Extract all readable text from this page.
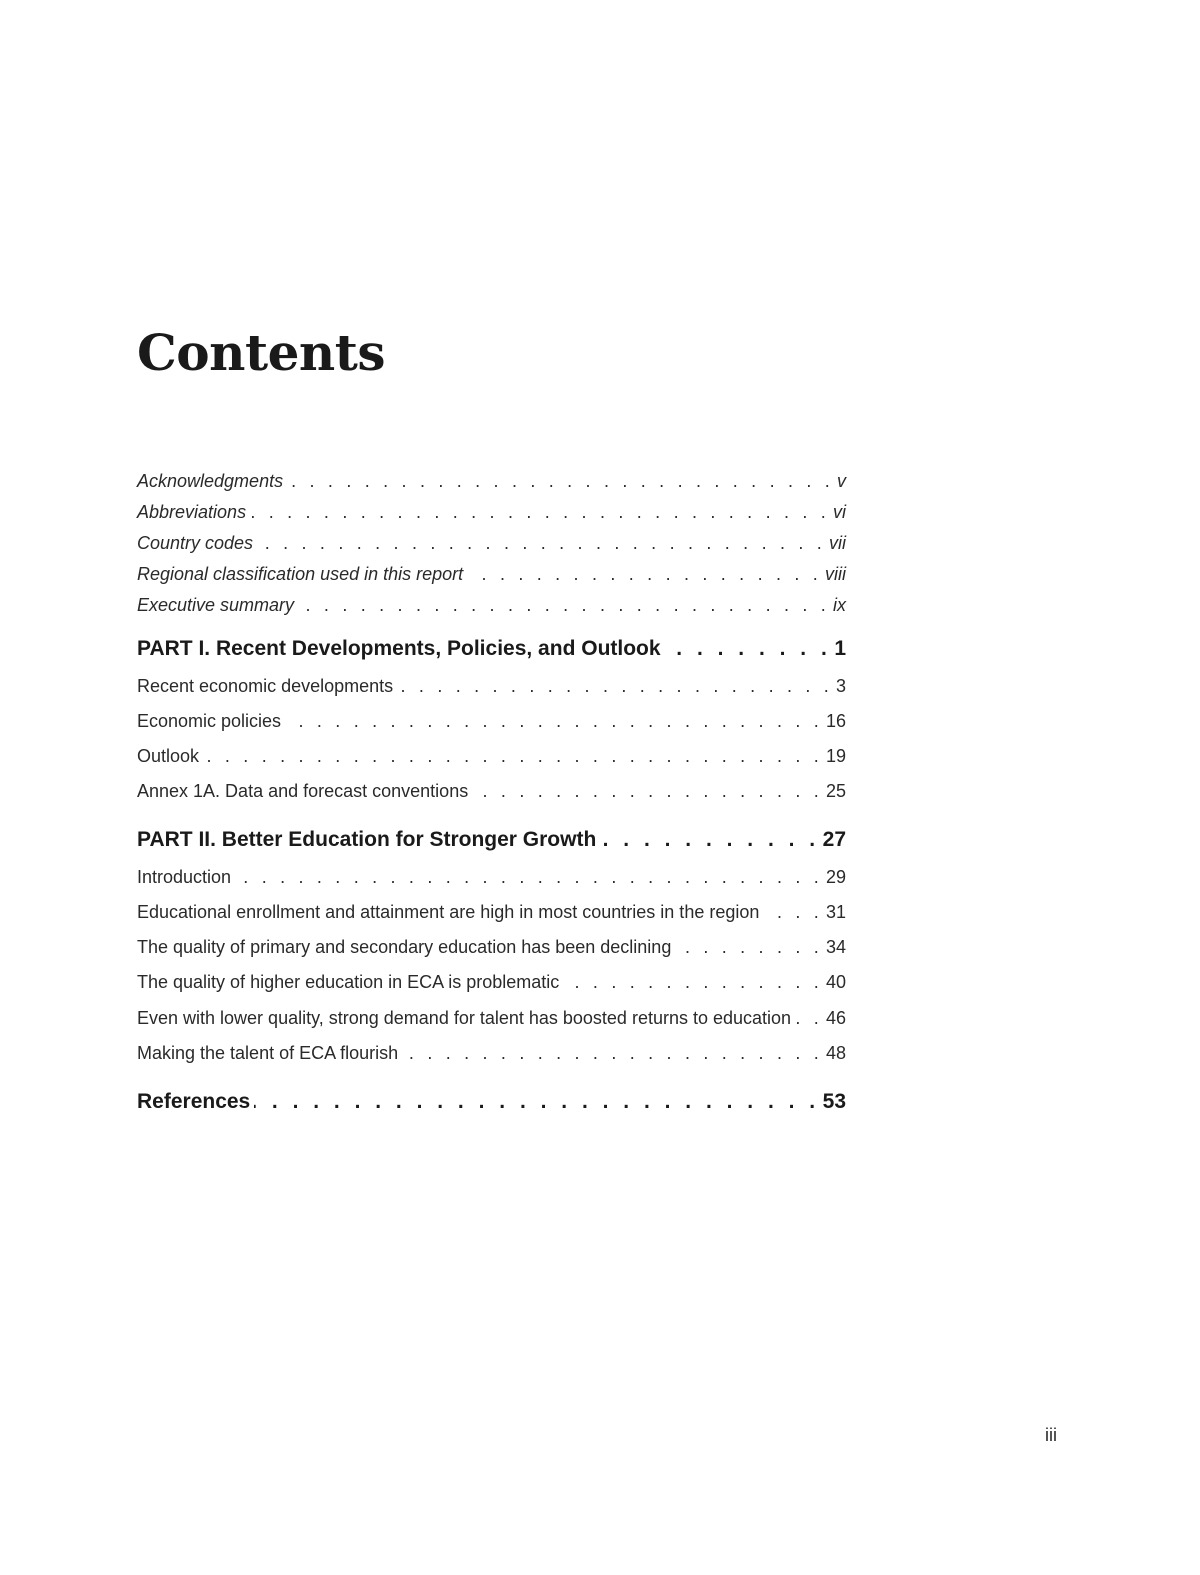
Contents
Acknowledgments . . .	v
Abbreviations . . .	vi
Country codes . . .	vii
Regional classification used in this report . . .	viii
Executive summary . . .	ix
PART I. Recent Developments, Policies, and Outlook . . .	1
Recent economic developments . . .	3
Economic policies . . .	16
Outlook . . .	19
Annex 1A. Data and forecast conventions . . .	25
PART II. Better Education for Stronger Growth . . .	27
Introduction . . .	29
Educational enrollment and attainment are high in most countries in the region . . .	31
The quality of primary and secondary education has been declining . . .	34
The quality of higher education in ECA is problematic . . .	40
Even with lower quality, strong demand for talent has boosted returns to education . . . 46
Making the talent of ECA flourish . . .	48
References . . .	53
iii
